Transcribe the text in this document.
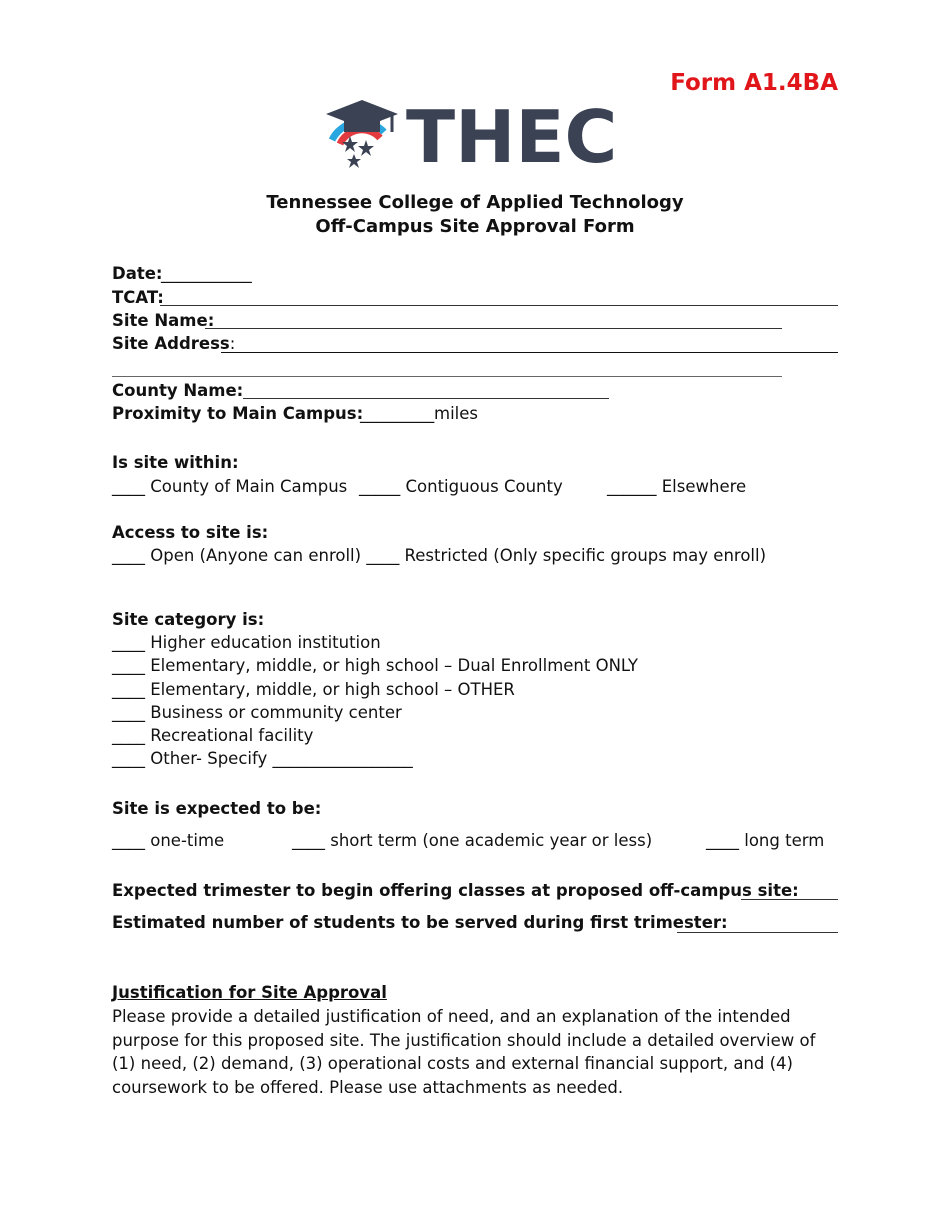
Form A1.4BA
THEC
Tennessee College of Applied Technology
Off-Campus Site Approval Form
Date:
___________
TCAT:
Site Name:
Site Address:
County Name:
Proximity to Main Campus:
_________ miles
Is site within:
____ County of Main Campus _____ Contiguous County	______ Elsewhere
Access to site is:
____ Open (Anyone can enroll) ____ Restricted (Only specific groups may enroll)
Site category is:
____ Higher education institution
____ Elementary, middle, or high school – Dual Enrollment ONLY
____ Elementary, middle, or high school – OTHER
____ Business or community center
____ Recreational facility
____ Other- Specify _________________
Site is expected to be:
____ one-time	____ short term (one academic year or less)	____ long term
Expected trimester to begin offering classes at proposed off-campus site:
Estimated number of students to be served during first trimester:
Justification for Site Approval
Please provide a detailed justification of need, and an explanation of the intended purpose for this proposed site. The justification should include a detailed overview of (1) need, (2) demand, (3) operational costs and external financial support, and (4) coursework to be offered. Please use attachments as needed.
